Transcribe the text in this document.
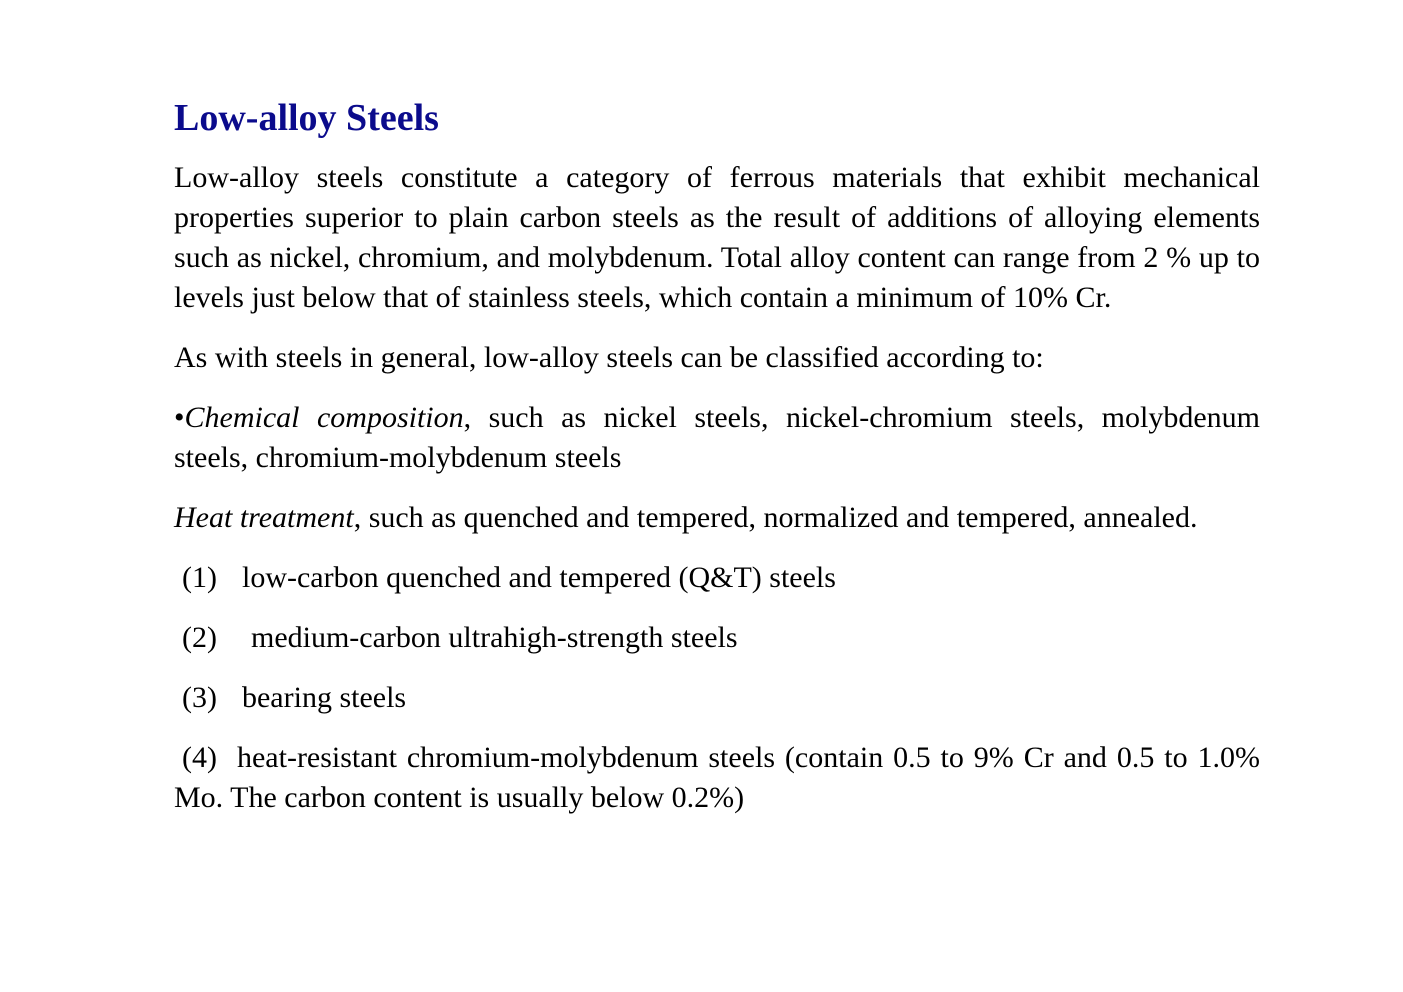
Low-alloy Steels

Low-alloy steels constitute a category of ferrous materials that exhibit mechanical properties superior to plain carbon steels as the result of additions of alloying elements such as nickel, chromium, and molybdenum. Total alloy content can range from 2 % up to levels just below that of stainless steels, which contain a minimum of 10% Cr.

As with steels in general, low-alloy steels can be classified according to:

•Chemical composition, such as nickel steels, nickel-chromium steels, molybdenum steels, chromium-molybdenum steels

Heat treatment, such as quenched and tempered, normalized and tempered, annealed.

(1) low-carbon quenched and tempered (Q&T) steels
(2) medium-carbon ultrahigh-strength steels
(3) bearing steels
(4) heat-resistant chromium-molybdenum steels (contain 0.5 to 9% Cr and 0.5 to 1.0% Mo. The carbon content is usually below 0.2%)
